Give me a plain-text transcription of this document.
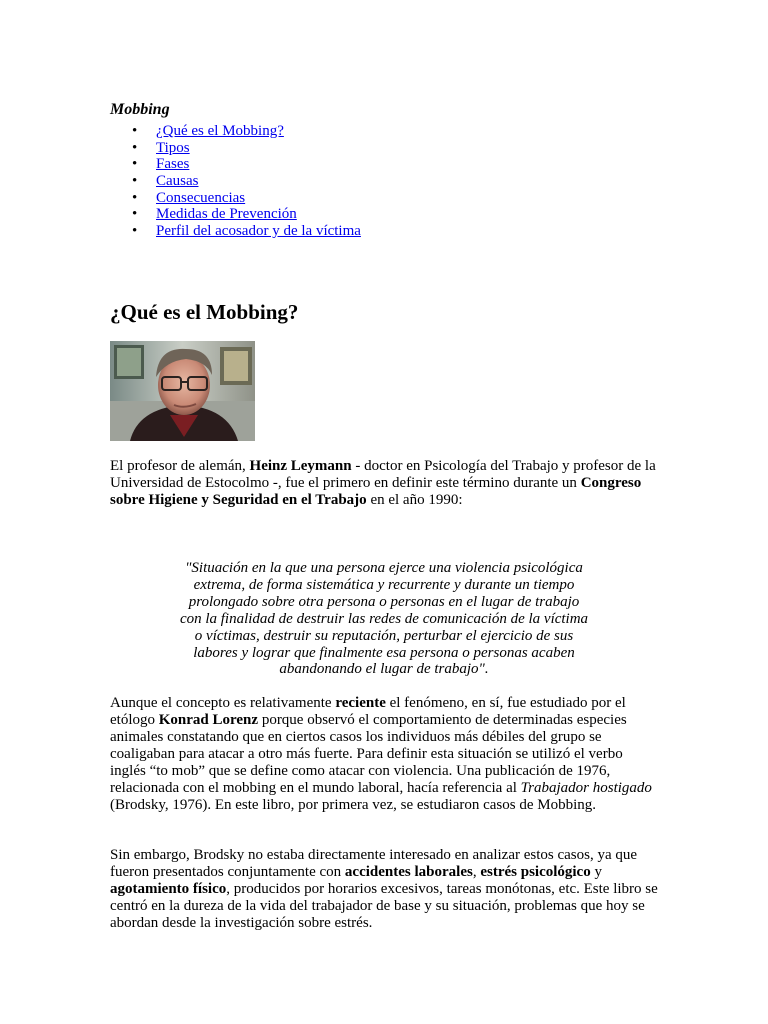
Mobbing
• ¿Qué es el Mobbing?
• Tipos
• Fases
• Causas
• Consecuencias
• Medidas de Prevención
• Perfil del acosador y de la víctima
¿Qué es el Mobbing?

El profesor de alemán, Heinz Leymann - doctor en Psicología del Trabajo y profesor de la Universidad de Estocolmo -, fue el primero en definir este término durante un Congreso sobre Higiene y Seguridad en el Trabajo en el año 1990:

"Situación en la que una persona ejerce una violencia psicológica extrema, de forma sistemática y recurrente y durante un tiempo prolongado sobre otra persona o personas en el lugar de trabajo con la finalidad de destruir las redes de comunicación de la víctima o víctimas, destruir su reputación, perturbar el ejercicio de sus labores y lograr que finalmente esa persona o personas acaben abandonando el lugar de trabajo".

Aunque el concepto es relativamente reciente el fenómeno, en sí, fue estudiado por el etólogo Konrad Lorenz porque observó el comportamiento de determinadas especies animales constatando que en ciertos casos los individuos más débiles del grupo se coaligaban para atacar a otro más fuerte. Para definir esta situación se utilizó el verbo inglés “to mob” que se define como atacar con violencia. Una publicación de 1976, relacionada con el mobbing en el mundo laboral, hacía referencia al Trabajador hostigado (Brodsky, 1976). En este libro, por primera vez, se estudiaron casos de Mobbing.

Sin embargo, Brodsky no estaba directamente interesado en analizar estos casos, ya que fueron presentados conjuntamente con accidentes laborales, estrés psicológico y agotamiento físico, producidos por horarios excesivos, tareas monótonas, etc. Este libro se centró en la dureza de la vida del trabajador de base y su situación, problemas que hoy se abordan desde la investigación sobre estrés.
